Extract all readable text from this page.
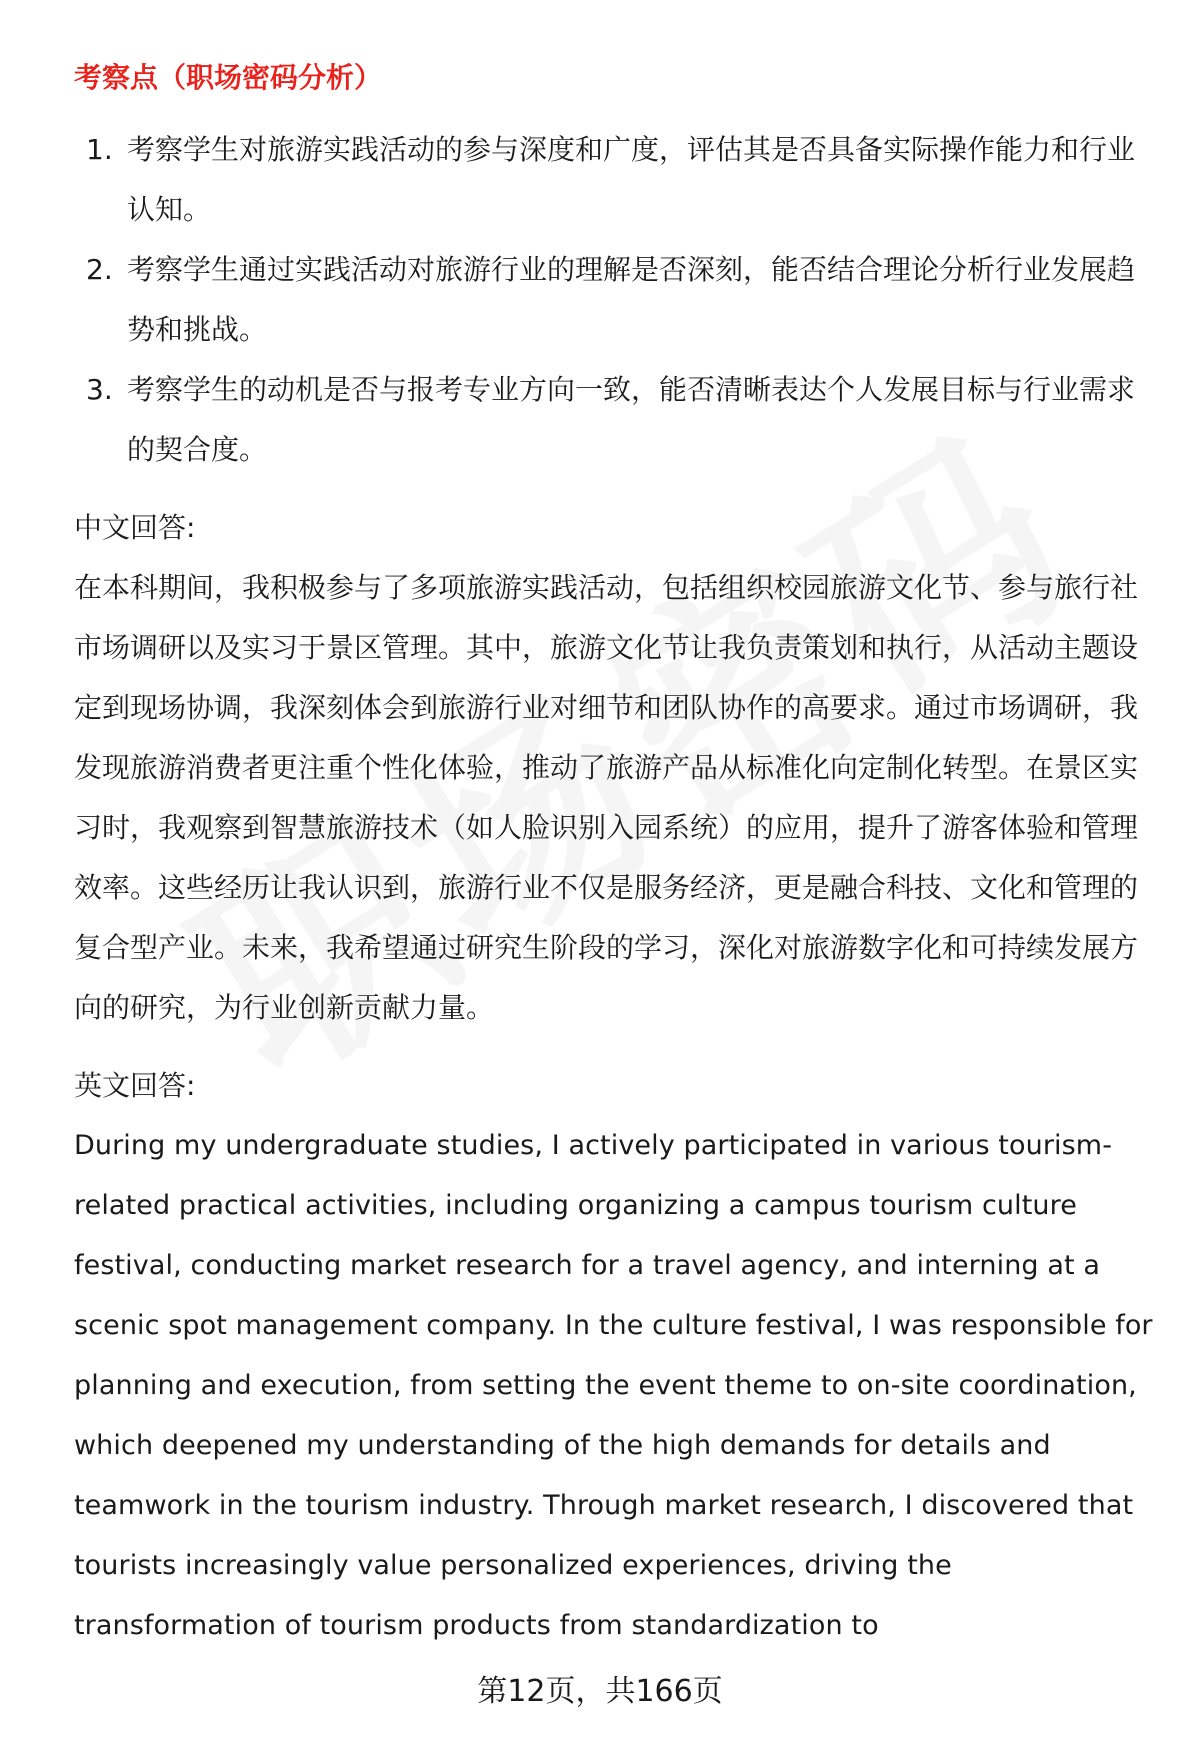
考察点（职场密码分析）
1. 考察学生对旅游实践活动的参与深度和广度，评估其是否具备实际操作能力和行业认知。
2. 考察学生通过实践活动对旅游行业的理解是否深刻，能否结合理论分析行业发展趋势和挑战。
3. 考察学生的动机是否与报考专业方向一致，能否清晰表达个人发展目标与行业需求的契合度。
中文回答:

在本科期间，我积极参与了多项旅游实践活动，包括组织校园旅游文化节、参与旅行社市场调研以及实习于景区管理。其中，旅游文化节让我负责策划和执行，从活动主题设定到现场协调，我深刻体会到旅游行业对细节和团队协作的高要求。通过市场调研，我发现旅游消费者更注重个性化体验，推动了旅游产品从标准化向定制化转型。在景区实习时，我观察到智慧旅游技术（如人脸识别入园系统）的应用，提升了游客体验和管理效率。这些经历让我认识到，旅游行业不仅是服务经济，更是融合科技、文化和管理的复合型产业。未来，我希望通过研究生阶段的学习，深化对旅游数字化和可持续发展方向的研究，为行业创新贡献力量。

英文回答:

During my undergraduate studies, I actively participated in various tourism-related practical activities, including organizing a campus tourism culture festival, conducting market research for a travel agency, and interning at a scenic spot management company. In the culture festival, I was responsible for planning and execution, from setting the event theme to on-site coordination, which deepened my understanding of the high demands for details and teamwork in the tourism industry. Through market research, I discovered that tourists increasingly value personalized experiences, driving the transformation of tourism products from standardization to

第12页，共166页
